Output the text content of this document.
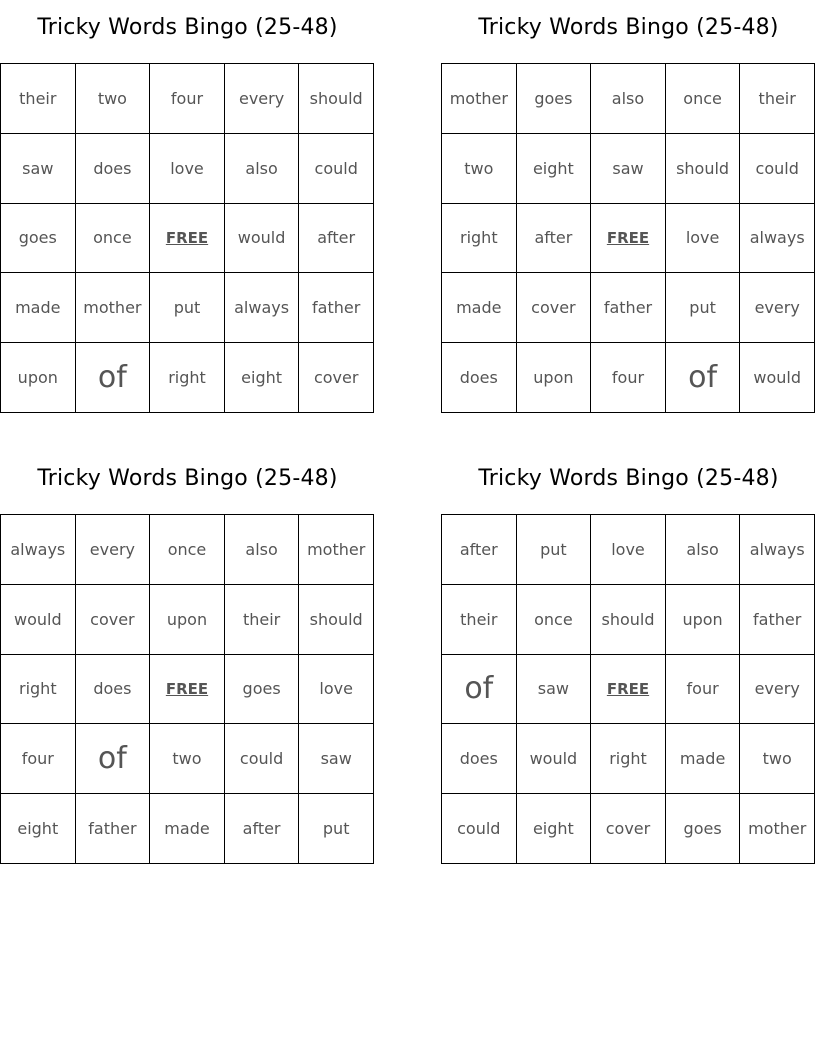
Tricky Words Bingo (25-48)
their	two	four	every	should
saw	does	love	also	could
goes	once	FREE	would	after
made	mother	put	always	father
upon	of	right	eight	cover
Tricky Words Bingo (25-48)
mother	goes	also	once	their
two	eight	saw	should	could
right	after	FREE	love	always
made	cover	father	put	every
does	upon	four	of	would
Tricky Words Bingo (25-48)
always	every	once	also	mother
would	cover	upon	their	should
right	does	FREE	goes	love
four	of	two	could	saw
eight	father	made	after	put
Tricky Words Bingo (25-48)
after	put	love	also	always
their	once	should	upon	father
of	saw	FREE	four	every
does	would	right	made	two
could	eight	cover	goes	mother
